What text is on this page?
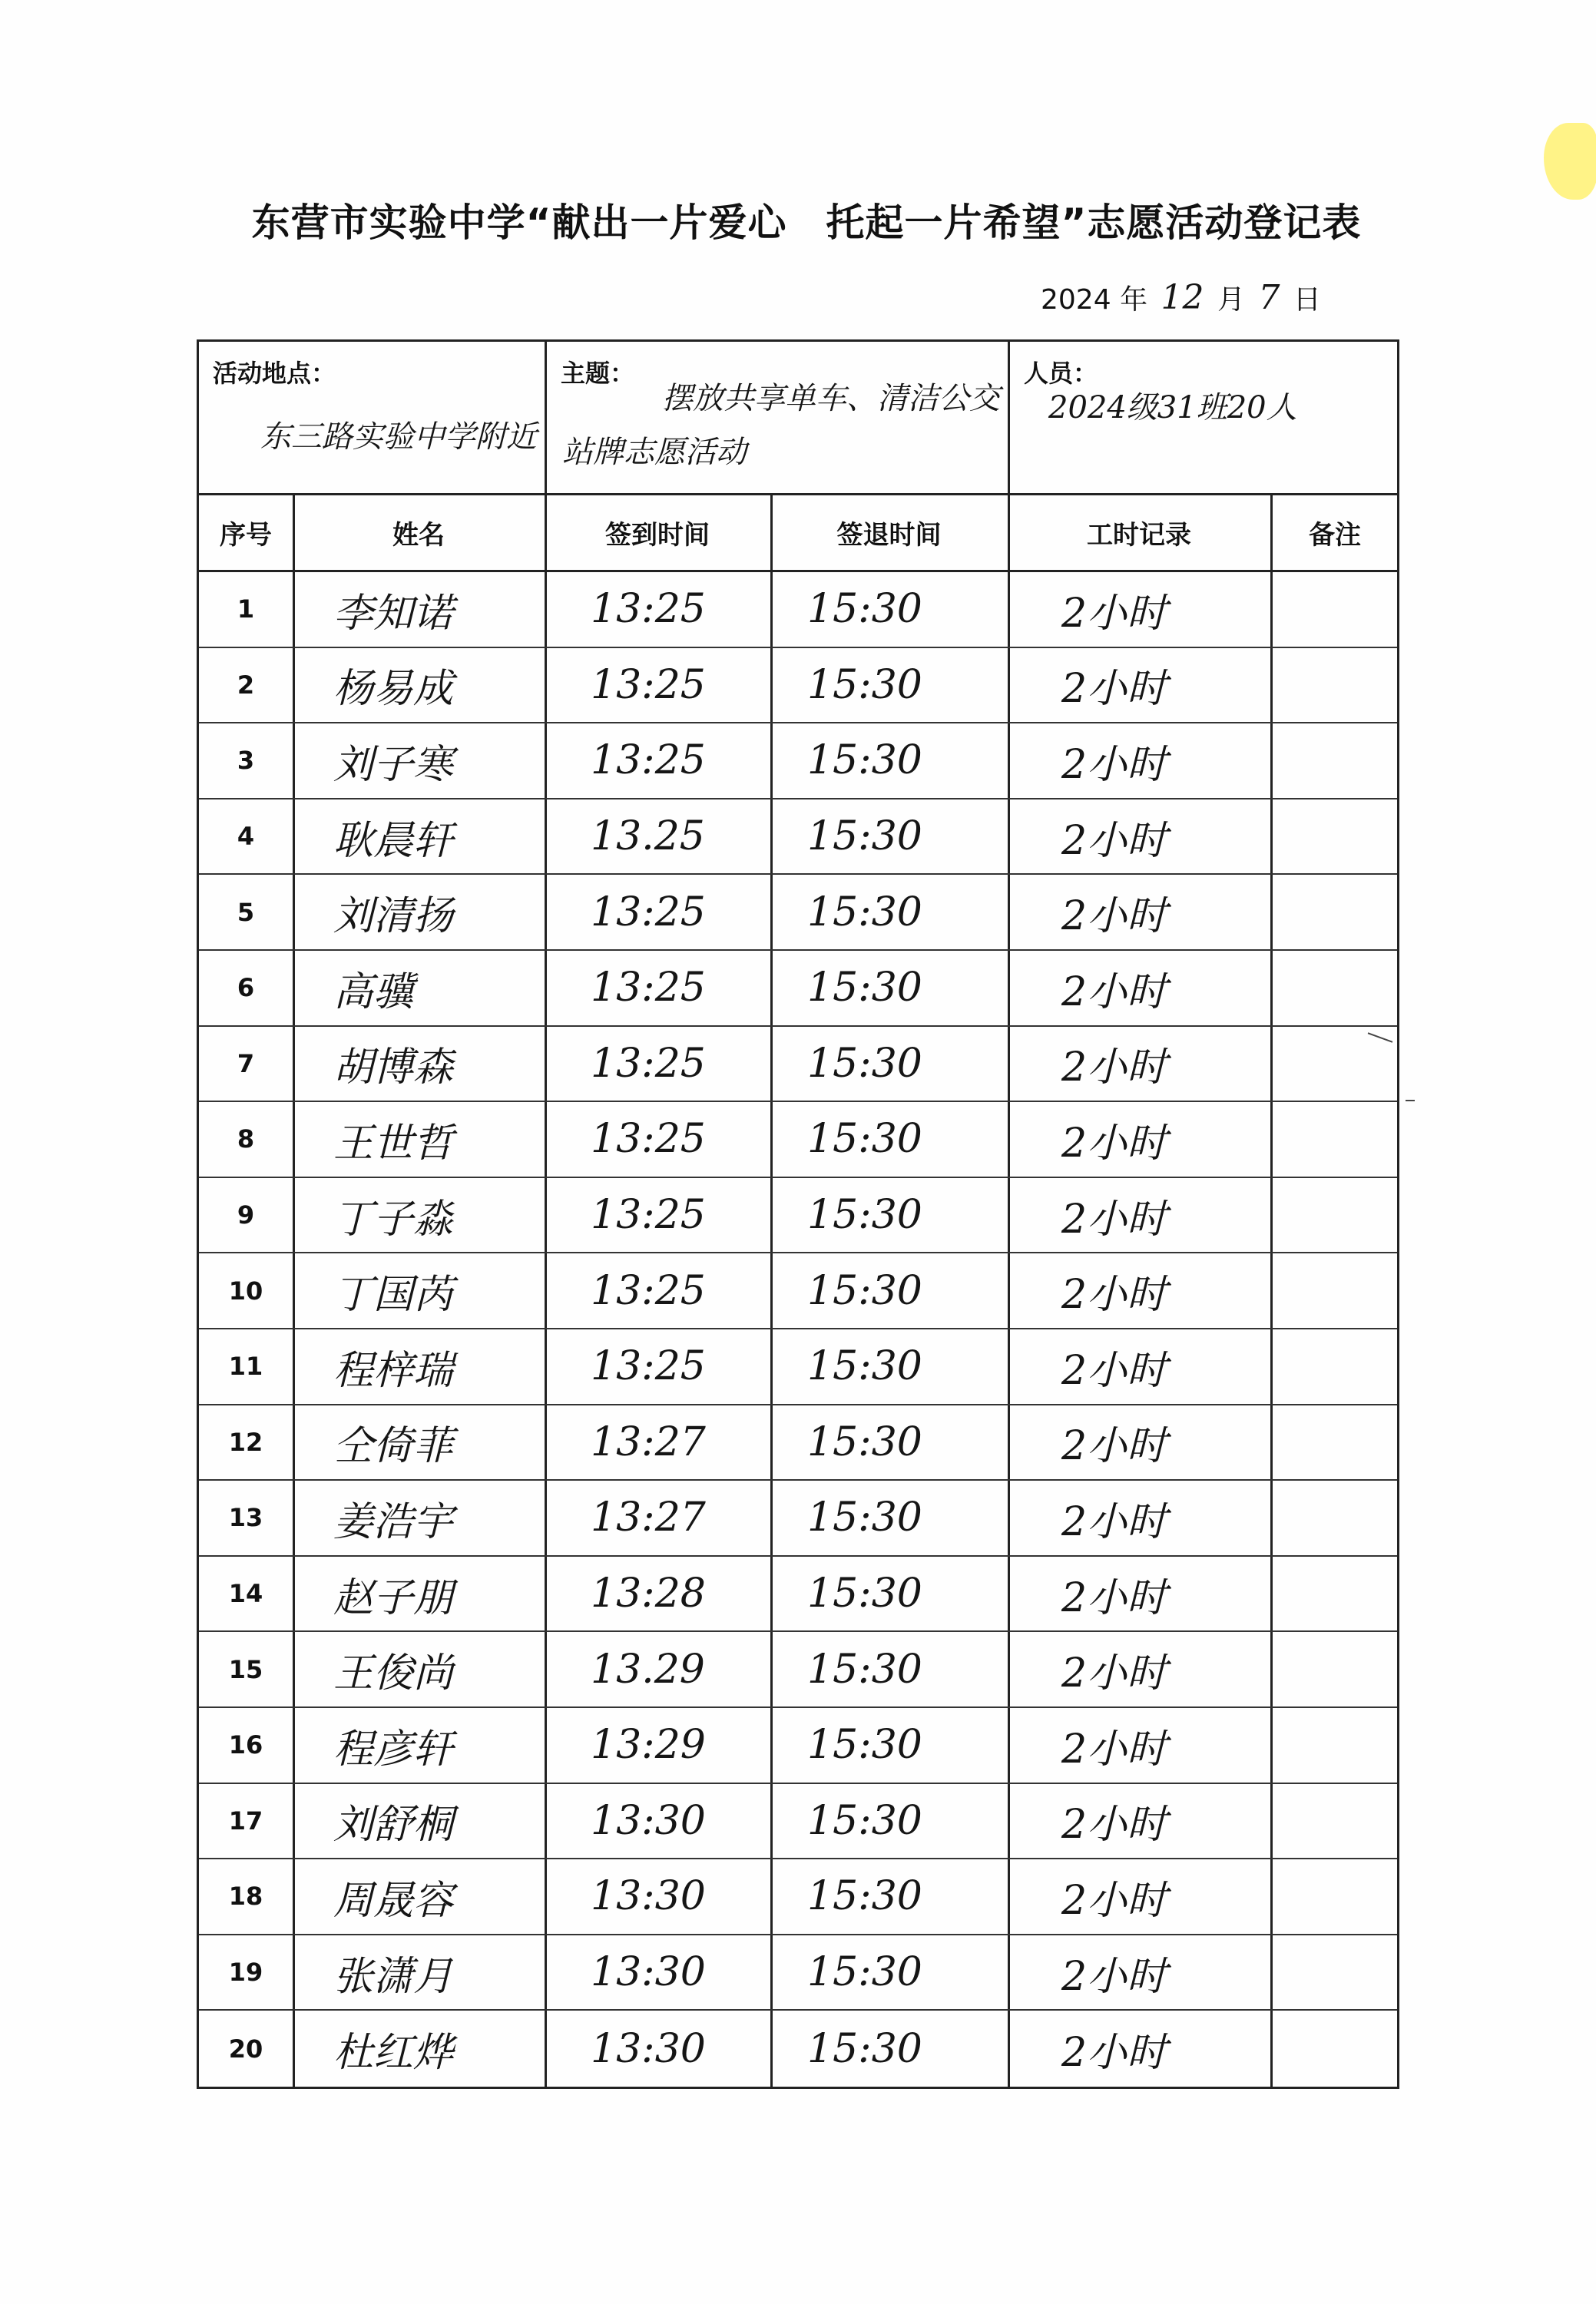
东营市实验中学“献出一片爱心　托起一片希望”志愿活动登记表
2024 年 12 月 7 日
活动地点：
东三路实验中学附近
主题：
摆放共享单车、清洁公交
站牌志愿活动
人员：
2024级31班20人
序号	姓名	签到时间	签退时间	工时记录	备注
1 李知诺	13:25	15:30	2小时
2 杨易成	13:25	15:30	2小时
3 刘子寒	13:25	15:30	2小时
4 耿晨轩	13.25	15:30	2小时
5 刘清扬	13:25	15:30	2小时
6 高骥	13:25	15:30	2小时
7 胡博森	13:25	15:30	2小时
8 王世哲	13:25	15:30	2小时
9 丁子淼	13:25	15:30	2小时
10 丁国芮	13:25	15:30	2小时
11 程梓瑞	13:25	15:30	2小时
12 仝倚菲	13:27	15:30	2小时
13 姜浩宇	13:27	15:30	2小时
14 赵子朋	13:28	15:30	2小时
15 王俊尚	13.29	15:30	2小时
16 程彦轩	13:29	15:30	2小时
17 刘舒桐	13:30	15:30	2小时
18 周晟容	13:30	15:30	2小时
19 张潇月	13:30	15:30	2小时
20 杜红烨	13:30	15:30	2小时
